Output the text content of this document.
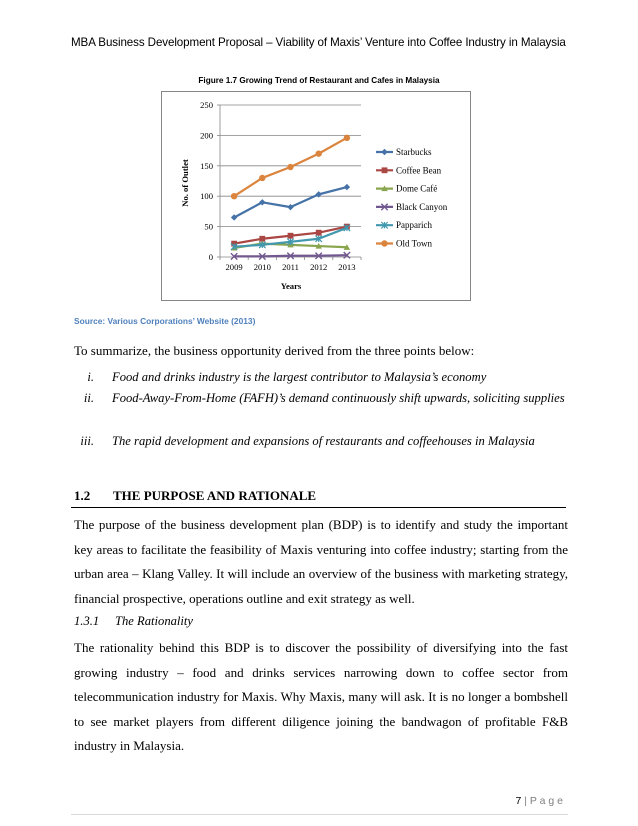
MBA Business Development Proposal – Viability of Maxis’ Venture into Coffee Industry in Malaysia
Figure 1.7 Growing Trend of Restaurant and Cafes in Malaysia
No. of Outlet
Years
0
50
100
150
200
250
2009 2010 2011 2012 2013
Starbucks
Coffee Bean
Dome Café
Black Canyon
Papparich
Old Town
Source: Various Corporations’ Website (2013)
To summarize, the business opportunity derived from the three points below:
i. Food and drinks industry is the largest contributor to Malaysia’s economy
ii. Food-Away-From-Home (FAFH)’s demand continuously shift upwards, soliciting supplies
iii. The rapid development and expansions of restaurants and coffeehouses in Malaysia
1.2 THE PURPOSE AND RATIONALE
The purpose of the business development plan (BDP) is to identify and study the important key areas to facilitate the feasibility of Maxis venturing into coffee industry; starting from the urban area – Klang Valley. It will include an overview of the business with marketing strategy, financial prospective, operations outline and exit strategy as well.
1.3.1 The Rationality
The rationality behind this BDP is to discover the possibility of diversifying into the fast growing industry – food and drinks services narrowing down to coffee sector from telecommunication industry for Maxis. Why Maxis, many will ask. It is no longer a bombshell to see market players from different diligence joining the bandwagon of profitable F&B industry in Malaysia.
7 | P a g e
